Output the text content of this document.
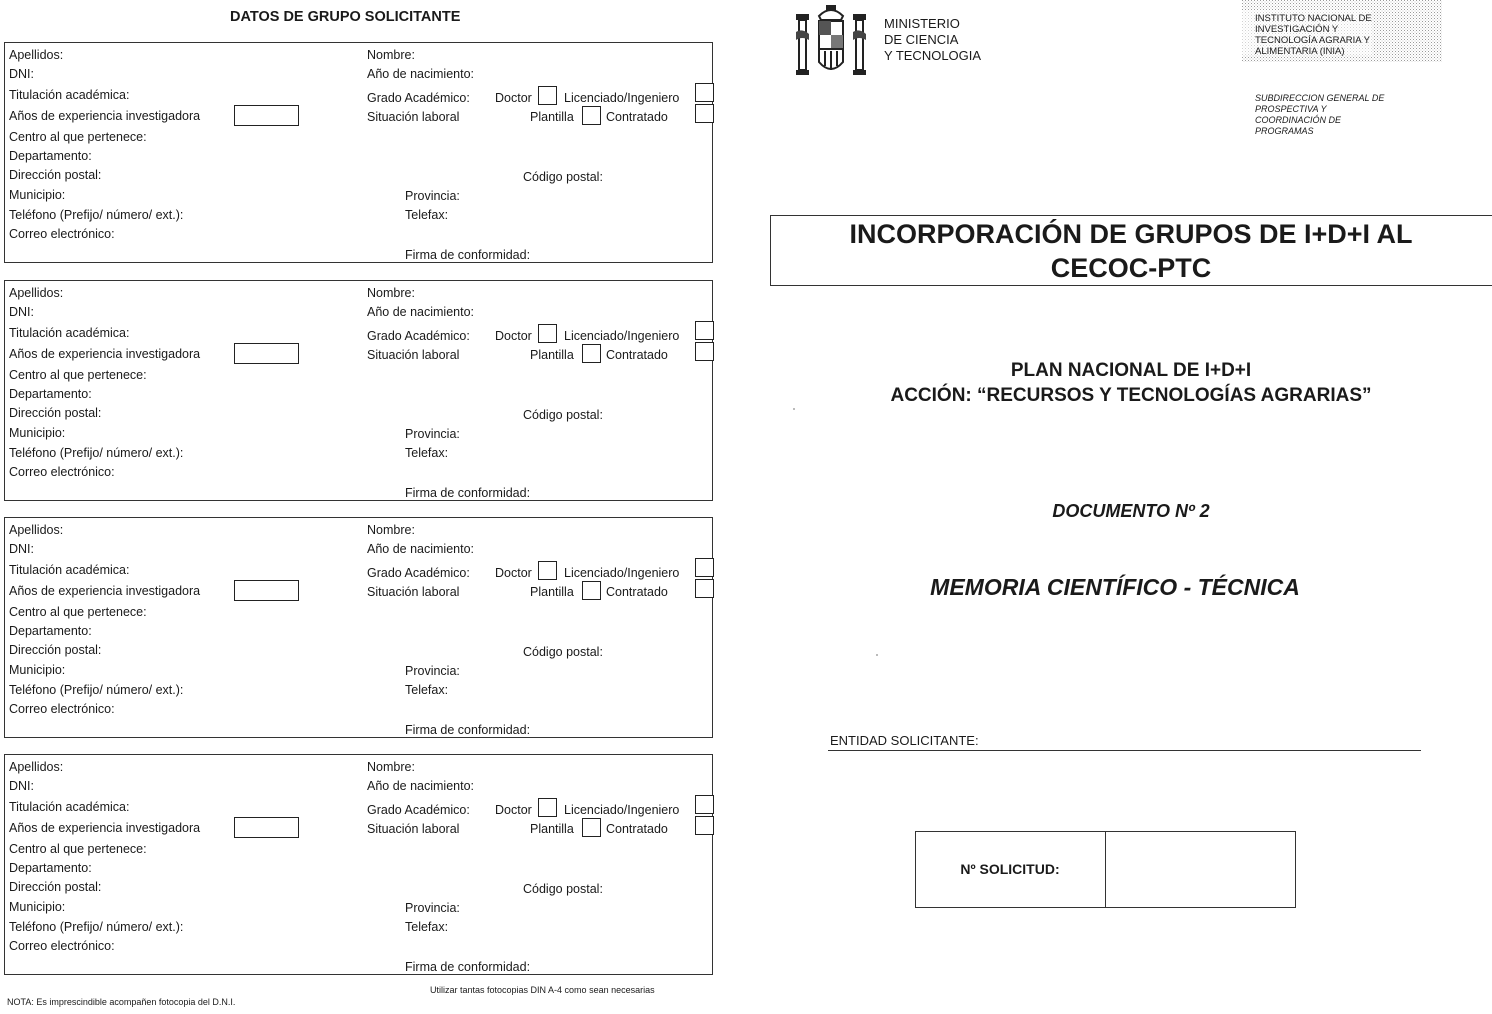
DATOS DE GRUPO SOLICITANTE
Apellidos:	Nombre:
DNI:	Año de nacimiento:
Titulación académica:	Grado Académico: Doctor	Licenciado/Ingeniero
Años de experiencia investigadora	Situación laboral	Plantilla	Contratado
Centro al que pertenece:
Departamento:
Dirección postal:	Código postal:
Municipio:	Provincia:
Teléfono (Prefijo/ número/ ext.):	Telefax:
Correo electrónico:
Firma de conformidad:
Apellidos:	Nombre:
DNI:	Año de nacimiento:
Titulación académica:	Grado Académico: Doctor	Licenciado/Ingeniero
Años de experiencia investigadora	Situación laboral	Plantilla	Contratado
Centro al que pertenece:
Departamento:
Dirección postal:	Código postal:
Municipio:	Provincia:
Teléfono (Prefijo/ número/ ext.):	Telefax:
Correo electrónico:
Firma de conformidad:
Apellidos:	Nombre:
DNI:	Año de nacimiento:
Titulación académica:	Grado Académico: Doctor	Licenciado/Ingeniero
Años de experiencia investigadora	Situación laboral	Plantilla	Contratado
Centro al que pertenece:
Departamento:
Dirección postal:	Código postal:
Municipio:	Provincia:
Teléfono (Prefijo/ número/ ext.):	Telefax:
Correo electrónico:
Firma de conformidad:
Apellidos:	Nombre:
DNI:	Año de nacimiento:
Titulación académica:	Grado Académico: Doctor	Licenciado/Ingeniero
Años de experiencia investigadora	Situación laboral	Plantilla	Contratado
Centro al que pertenece:
Departamento:
Dirección postal:	Código postal:
Municipio:	Provincia:
Teléfono (Prefijo/ número/ ext.):	Telefax:
Correo electrónico:
Firma de conformidad:
Utilizar tantas fotocopias DIN A-4 como sean necesarias
NOTA: Es imprescindible acompañen fotocopia del D.N.I.
MINISTERIO
DE CIENCIA
Y TECNOLOGIA
INSTITUTO NACIONAL DE
INVESTIGACIÓN Y
TECNOLOGÍA AGRARIA Y
ALIMENTARIA (INIA)
SUBDIRECCION GENERAL DE
PROSPECTIVA Y
COORDINACIÓN DE
PROGRAMAS
INCORPORACIÓN DE GRUPOS DE I+D+I AL
CECOC-PTC
PLAN NACIONAL DE I+D+I
ACCIÓN: “RECURSOS Y TECNOLOGÍAS AGRARIAS”
DOCUMENTO Nº 2
MEMORIA CIENTÍFICO - TÉCNICA
ENTIDAD SOLICITANTE:
Nº SOLICITUD:
